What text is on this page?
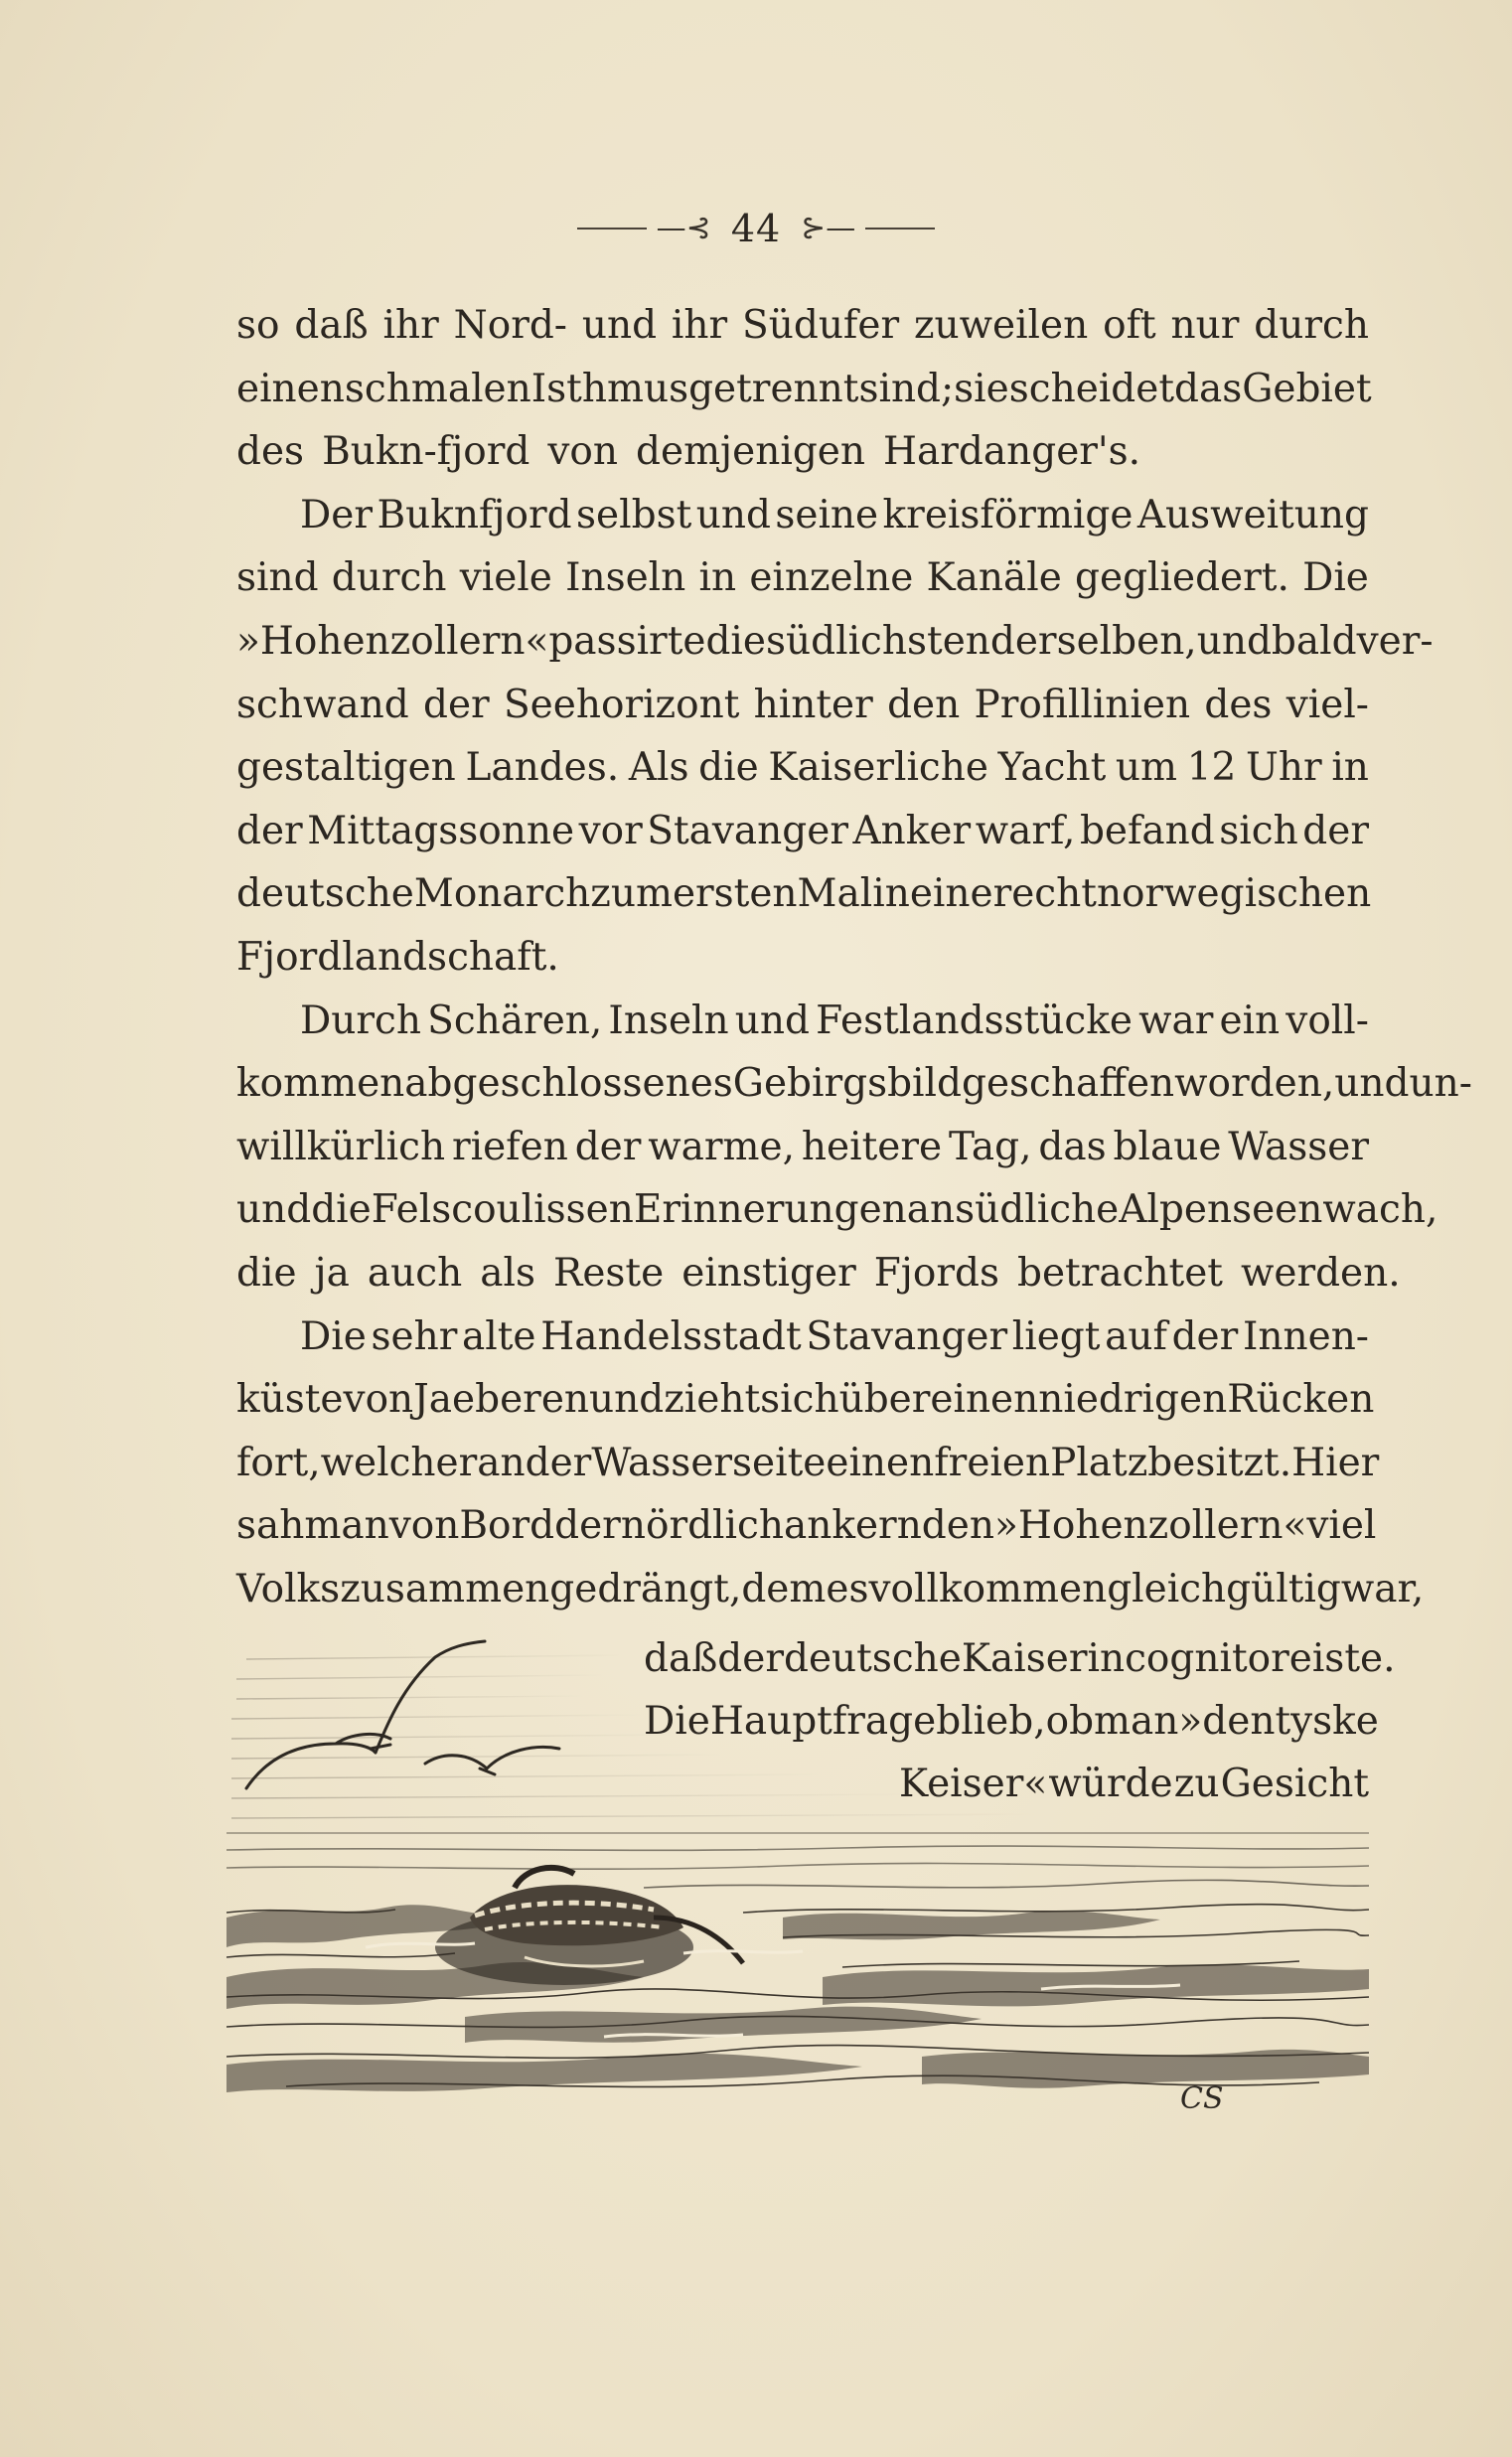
—⊰ 44 ⊱—
so daß ihr Nord- und ihr Südufer zuweilen oft nur durch
einen schmalen Isthmus getrennt sind; sie scheidet das Gebiet
des Bukn-fjord von demjenigen Hardanger's.
Der Buknfjord selbst und seine kreisförmige Ausweitung
sind durch viele Inseln in einzelne Kanäle gegliedert. Die
»Hohenzollern« passirte die südlichsten derselben, und bald ver-
schwand der Seehorizont hinter den Profillinien des viel-
gestaltigen Landes. Als die Kaiserliche Yacht um 12 Uhr in
der Mittagssonne vor Stavanger Anker warf, befand sich der
deutsche Monarch zum ersten Mal in einer echt norwegischen
Fjordlandschaft.
Durch Schären, Inseln und Festlandsstücke war ein voll-
kommen abgeschlossenes Gebirgsbild geschaffen worden, und un-
willkürlich riefen der warme, heitere Tag, das blaue Wasser
und die Felscoulissen Erinnerungen an südliche Alpenseen wach,
die ja auch als Reste einstiger Fjords betrachtet werden.
Die sehr alte Handelsstadt Stavanger liegt auf der Innen-
küste von Jaeberen und zieht sich über einen niedrigen Rücken
fort, welcher an der Wasserseite einen freien Platz besitzt. Hier
sah man von Bord der nördlich ankernden »Hohenzollern« viel
Volks zusammengedrängt, dem es vollkommen gleichgültig war,
daß der deutsche Kaiser incognito reiste.
Die Hauptfrage blieb, ob man »den tyske
Keiser« würde zu Gesicht
CS
